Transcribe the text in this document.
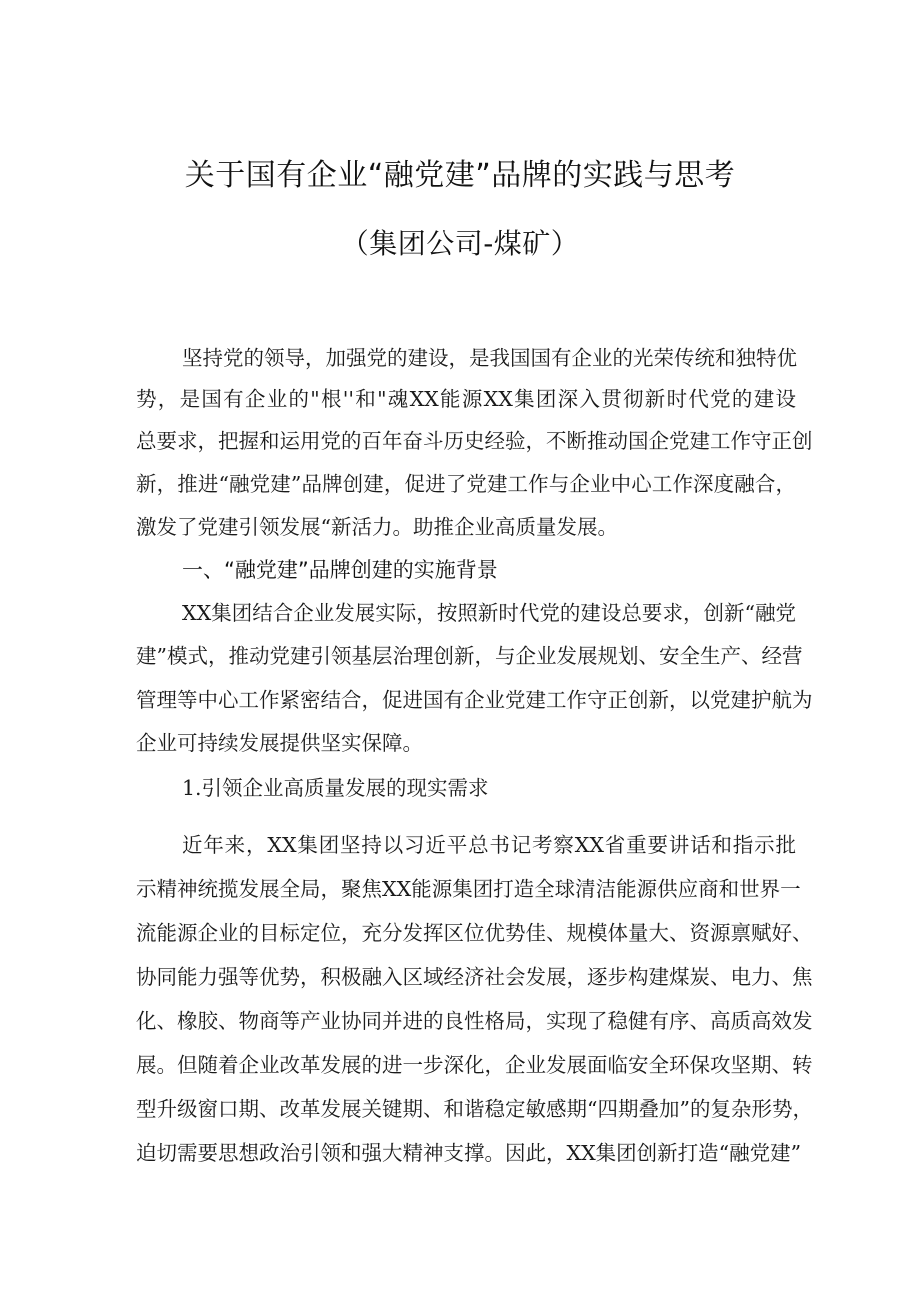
关于国有企业“融党建”品牌的实践与思考
（集团公司-煤矿）
坚持党的领导，加强党的建设，是我国国有企业的光荣传统和独特优
势，是国有企业的"根''和"魂XX能源XX集团深入贯彻新时代党的建设
总要求，把握和运用党的百年奋斗历史经验，不断推动国企党建工作守正创
新，推进“融党建”品牌创建，促进了党建工作与企业中心工作深度融合，
激发了党建引领发展“新活力。助推企业高质量发展。
一、“融党建”品牌创建的实施背景
XX集团结合企业发展实际，按照新时代党的建设总要求，创新“融党
建”模式，推动党建引领基层治理创新，与企业发展规划、安全生产、经营
管理等中心工作紧密结合，促进国有企业党建工作守正创新，以党建护航为
企业可持续发展提供坚实保障。
1.引领企业高质量发展的现实需求
近年来，XX集团坚持以习近平总书记考察XX省重要讲话和指示批
示精神统揽发展全局，聚焦XX能源集团打造全球清洁能源供应商和世界一
流能源企业的目标定位，充分发挥区位优势佳、规模体量大、资源禀赋好、
协同能力强等优势，积极融入区域经济社会发展，逐步构建煤炭、电力、焦
化、橡胶、物商等产业协同并进的良性格局，实现了稳健有序、高质高效发
展。但随着企业改革发展的进一步深化，企业发展面临安全环保攻坚期、转
型升级窗口期、改革发展关键期、和谐稳定敏感期“四期叠加”的复杂形势，
迫切需要思想政治引领和强大精神支撑。因此，XX集团创新打造“融党建”
